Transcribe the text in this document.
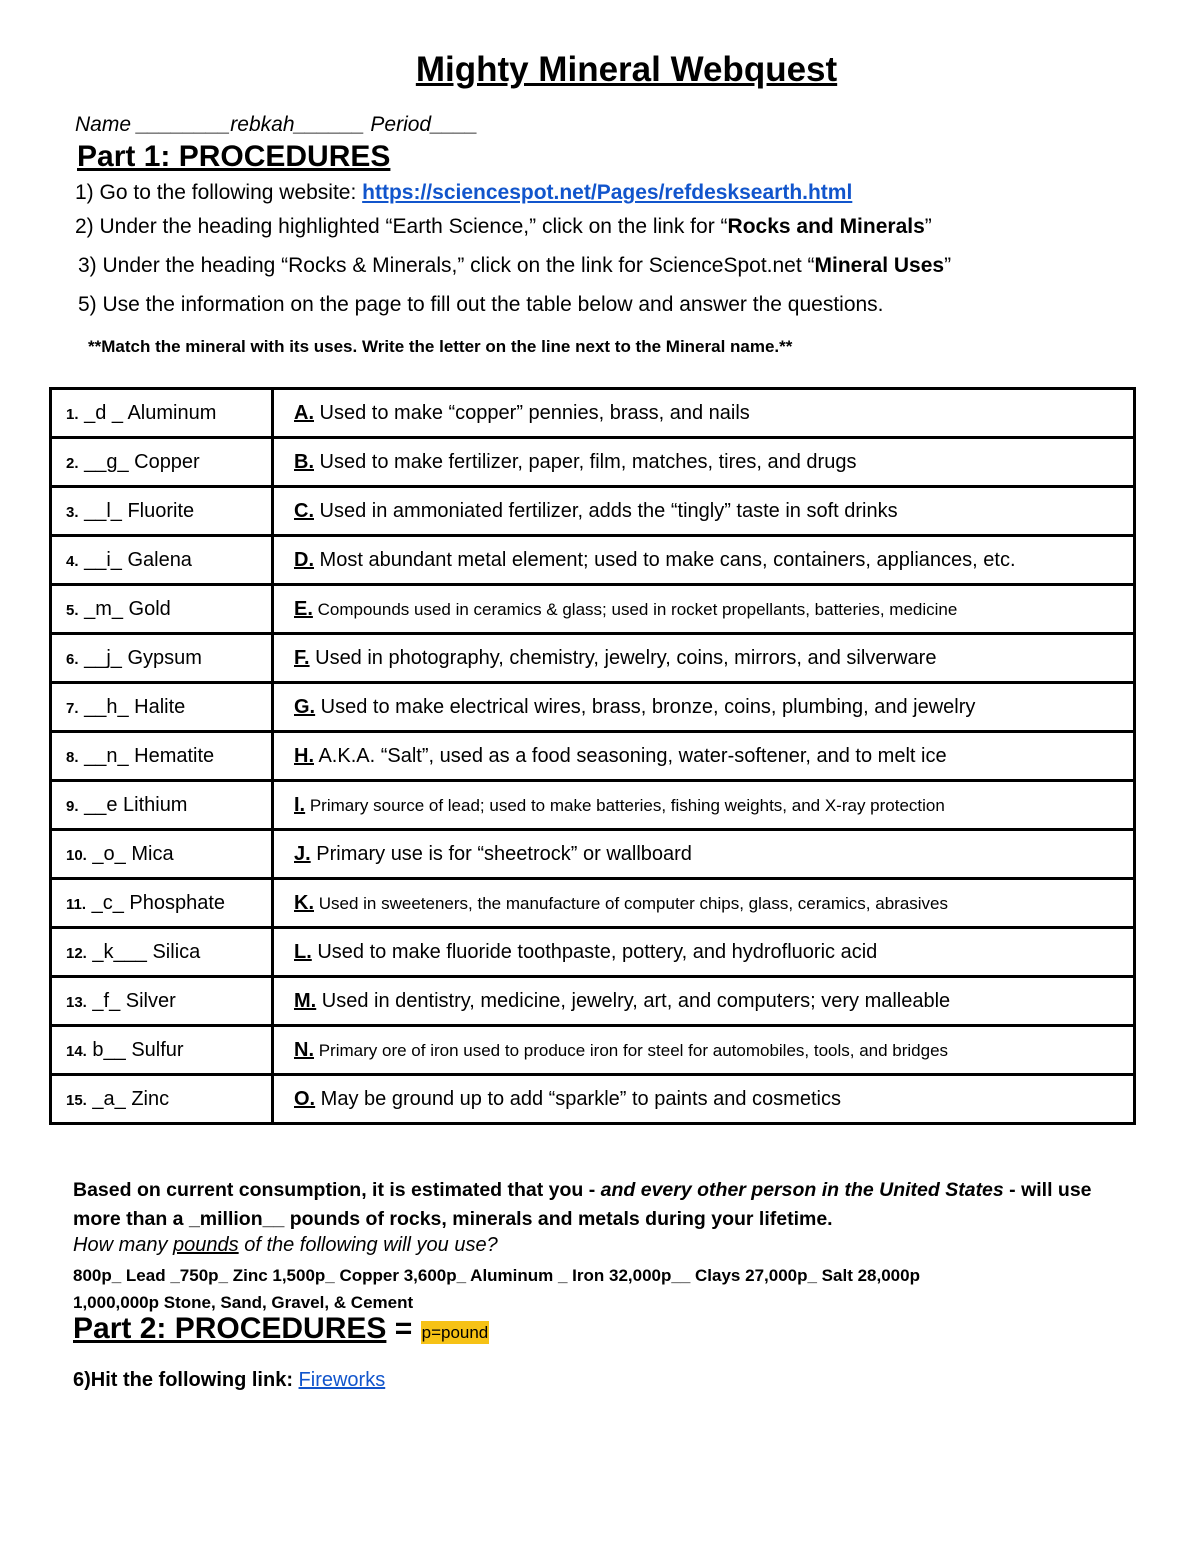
Mighty Mineral Webquest
Name ________rebkah______ Period____
Part 1: PROCEDURES
1) Go to the following website: https://sciencespot.net/Pages/refdesksearth.html
2) Under the heading highlighted “Earth Science,” click on the link for “Rocks and Minerals”
3) Under the heading “Rocks & Minerals,” click on the link for ScienceSpot.net “Mineral Uses”
5) Use the information on the page to fill out the table below and answer the questions.
**Match the mineral with its uses. Write the letter on the line next to the Mineral name.**
1. _d _ Aluminum	A. Used to make “copper” pennies, brass, and nails
2. __g_ Copper	B. Used to make fertilizer, paper, film, matches, tires, and drugs
3. __l_ Fluorite	C. Used in ammoniated fertilizer, adds the “tingly” taste in soft drinks
4. __i_ Galena	D. Most abundant metal element; used to make cans, containers, appliances, etc.
5. _m_ Gold	E. Compounds used in ceramics & glass; used in rocket propellants, batteries, medicine
6. __j_ Gypsum	F. Used in photography, chemistry, jewelry, coins, mirrors, and silverware
7. __h_ Halite	G. Used to make electrical wires, brass, bronze, coins, plumbing, and jewelry
8. __n_ Hematite	H. A.K.A. “Salt”, used as a food seasoning, water-softener, and to melt ice
9. __e Lithium	I. Primary source of lead; used to make batteries, fishing weights, and X-ray protection
10. _o_ Mica	J. Primary use is for “sheetrock” or wallboard
11. _c_ Phosphate	K. Used in sweeteners, the manufacture of computer chips, glass, ceramics, abrasives
12. _k___ Silica	L. Used to make fluoride toothpaste, pottery, and hydrofluoric acid
13. _f_ Silver	M. Used in dentistry, medicine, jewelry, art, and computers; very malleable
14. b__ Sulfur	N. Primary ore of iron used to produce iron for steel for automobiles, tools, and bridges
15. _a_ Zinc	O. May be ground up to add “sparkle” to paints and cosmetics
Based on current consumption, it is estimated that you - and every other person in the United States - will use more than a _million__ pounds of rocks, minerals and metals during your lifetime.
How many pounds of the following will you use?
800p_ Lead _750p_ Zinc 1,500p_ Copper 3,600p_ Aluminum _ Iron 32,000p__ Clays 27,000p_ Salt 28,000p
1,000,000p Stone, Sand, Gravel, & Cement
Part 2: PROCEDURES = p=pound
6)Hit the following link: Fireworks
